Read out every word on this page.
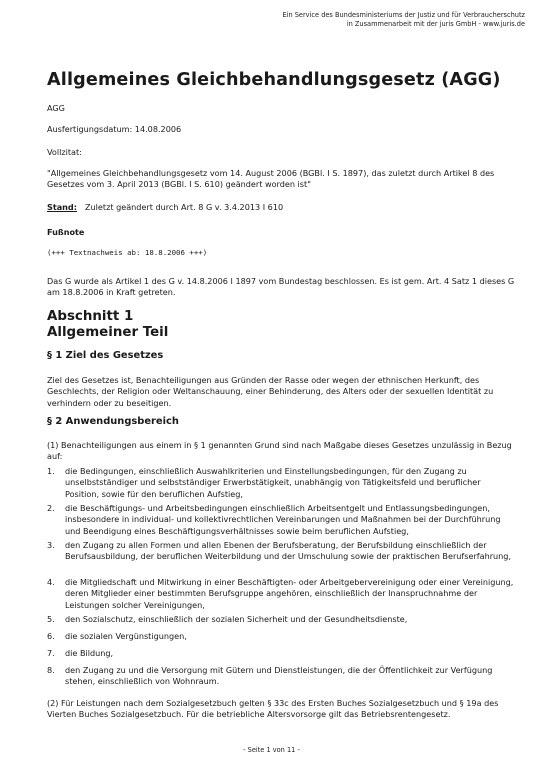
Ein Service des Bundesministeriums der Justiz und für Verbraucherschutz
in Zusammenarbeit mit der juris GmbH - www.juris.de
Allgemeines Gleichbehandlungsgesetz (AGG)

AGG

Ausfertigungsdatum: 14.08.2006

Vollzitat:

"Allgemeines Gleichbehandlungsgesetz vom 14. August 2006 (BGBl. I S. 1897), das zuletzt durch Artikel 8 des Gesetzes vom 3. April 2013 (BGBl. I S. 610) geändert worden ist"

Stand: Zuletzt geändert durch Art. 8 G v. 3.4.2013 I 610

Fußnote

(+++ Textnachweis ab: 18.8.2006 +++)

Das G wurde als Artikel 1 des G v. 14.8.2006 I 1897 vom Bundestag beschlossen. Es ist gem. Art. 4 Satz 1 dieses G am 18.8.2006 in Kraft getreten.

Abschnitt 1
Allgemeiner Teil
§ 1 Ziel des Gesetzes

Ziel des Gesetzes ist, Benachteiligungen aus Gründen der Rasse oder wegen der ethnischen Herkunft, des Geschlechts, der Religion oder Weltanschauung, einer Behinderung, des Alters oder der sexuellen Identität zu verhindern oder zu beseitigen.

§ 2 Anwendungsbereich

(1) Benachteiligungen aus einem in § 1 genannten Grund sind nach Maßgabe dieses Gesetzes unzulässig in Bezug auf:

1. die Bedingungen, einschließlich Auswahlkriterien und Einstellungsbedingungen, für den Zugang zu unselbstständiger und selbstständiger Erwerbstätigkeit, unabhängig von Tätigkeitsfeld und beruflicher Position, sowie für den beruflichen Aufstieg,
2. die Beschäftigungs- und Arbeitsbedingungen einschließlich Arbeitsentgelt und Entlassungsbedingungen, insbesondere in individual- und kollektivrechtlichen Vereinbarungen und Maßnahmen bei der Durchführung und Beendigung eines Beschäftigungsverhältnisses sowie beim beruflichen Aufstieg,
3. den Zugang zu allen Formen und allen Ebenen der Berufsberatung, der Berufsbildung einschließlich der Berufsausbildung, der beruflichen Weiterbildung und der Umschulung sowie der praktischen Berufserfahrung,
4. die Mitgliedschaft und Mitwirkung in einer Beschäftigten- oder Arbeitgebervereinigung oder einer Vereinigung, deren Mitglieder einer bestimmten Berufsgruppe angehören, einschließlich der Inanspruchnahme der Leistungen solcher Vereinigungen,
5. den Sozialschutz, einschließlich der sozialen Sicherheit und der Gesundheitsdienste,
6. die sozialen Vergünstigungen,
7. die Bildung,
8. den Zugang zu und die Versorgung mit Gütern und Dienstleistungen, die der Öffentlichkeit zur Verfügung stehen, einschließlich von Wohnraum.

(2) Für Leistungen nach dem Sozialgesetzbuch gelten § 33c des Ersten Buches Sozialgesetzbuch und § 19a des Vierten Buches Sozialgesetzbuch. Für die betriebliche Altersvorsorge gilt das Betriebsrentengesetz.

- Seite 1 von 11 -
